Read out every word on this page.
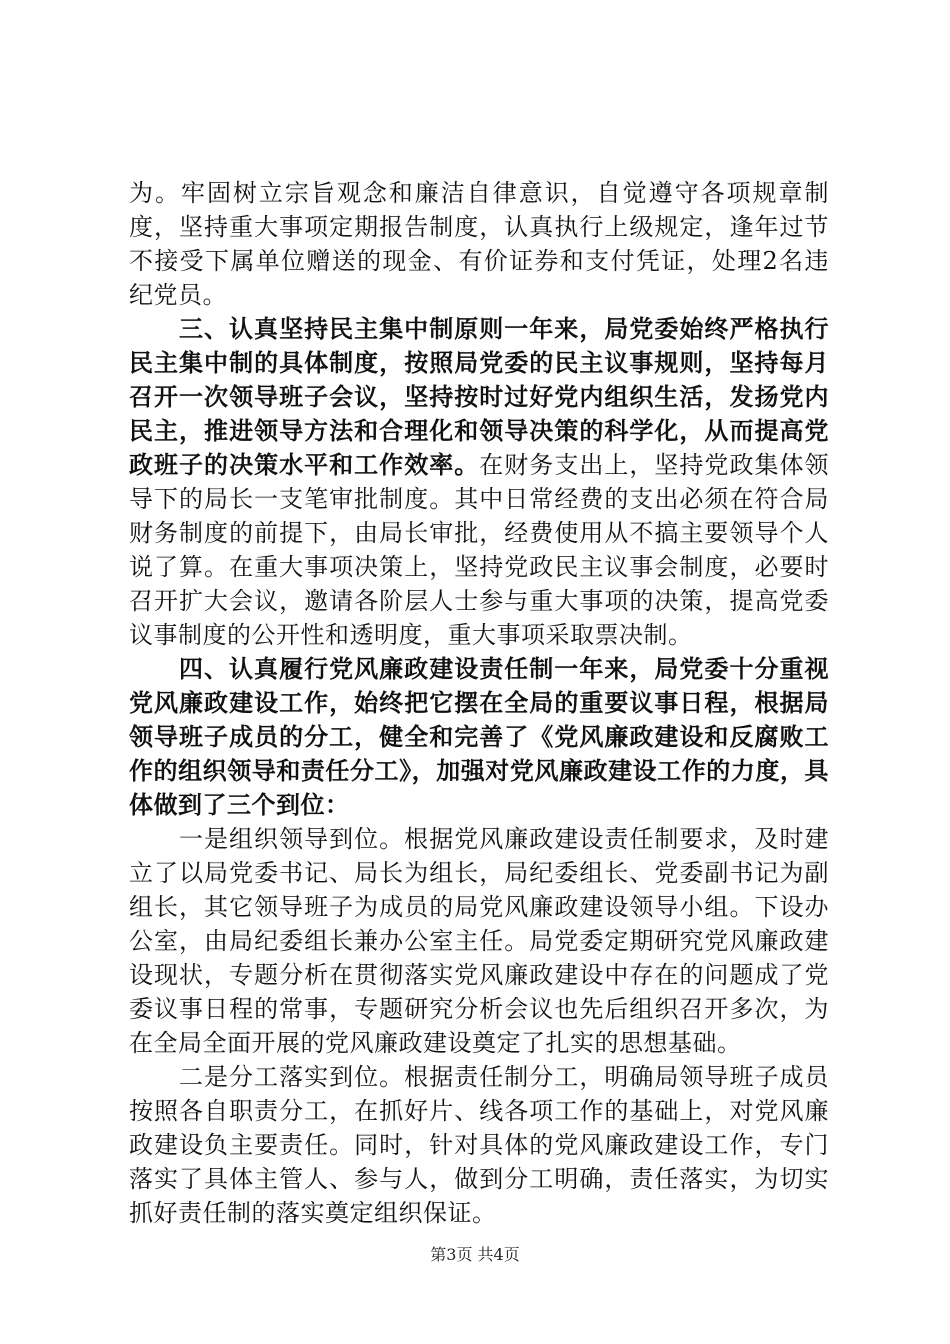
为。牢固树立宗旨观念和廉洁自律意识，自觉遵守各项规章制度，坚持重大事项定期报告制度，认真执行上级规定，逢年过节不接受下属单位赠送的现金、有价证券和支付凭证，处理2名违纪党员。

三、认真坚持民主集中制原则一年来，局党委始终严格执行民主集中制的具体制度，按照局党委的民主议事规则，坚持每月召开一次领导班子会议，坚持按时过好党内组织生活，发扬党内民主，推进领导方法和合理化和领导决策的科学化，从而提高党政班子的决策水平和工作效率。在财务支出上，坚持党政集体领导下的局长一支笔审批制度。其中日常经费的支出必须在符合局财务制度的前提下，由局长审批，经费使用从不搞主要领导个人说了算。在重大事项决策上，坚持党政民主议事会制度，必要时召开扩大会议，邀请各阶层人士参与重大事项的决策，提高党委议事制度的公开性和透明度，重大事项采取票决制。

四、认真履行党风廉政建设责任制一年来，局党委十分重视党风廉政建设工作，始终把它摆在全局的重要议事日程，根据局领导班子成员的分工，健全和完善了《党风廉政建设和反腐败工作的组织领导和责任分工》，加强对党风廉政建设工作的力度，具体做到了三个到位：

一是组织领导到位。根据党风廉政建设责任制要求，及时建立了以局党委书记、局长为组长，局纪委组长、党委副书记为副组长，其它领导班子为成员的局党风廉政建设领导小组。下设办公室，由局纪委组长兼办公室主任。局党委定期研究党风廉政建设现状，专题分析在贯彻落实党风廉政建设中存在的问题成了党委议事日程的常事，专题研究分析会议也先后组织召开多次，为在全局全面开展的党风廉政建设奠定了扎实的思想基础。

二是分工落实到位。根据责任制分工，明确局领导班子成员按照各自职责分工，在抓好片、线各项工作的基础上，对党风廉政建设负主要责任。同时，针对具体的党风廉政建设工作，专门落实了具体主管人、参与人，做到分工明确，责任落实，为切实抓好责任制的落实奠定组织保证。

第3页 共4页
